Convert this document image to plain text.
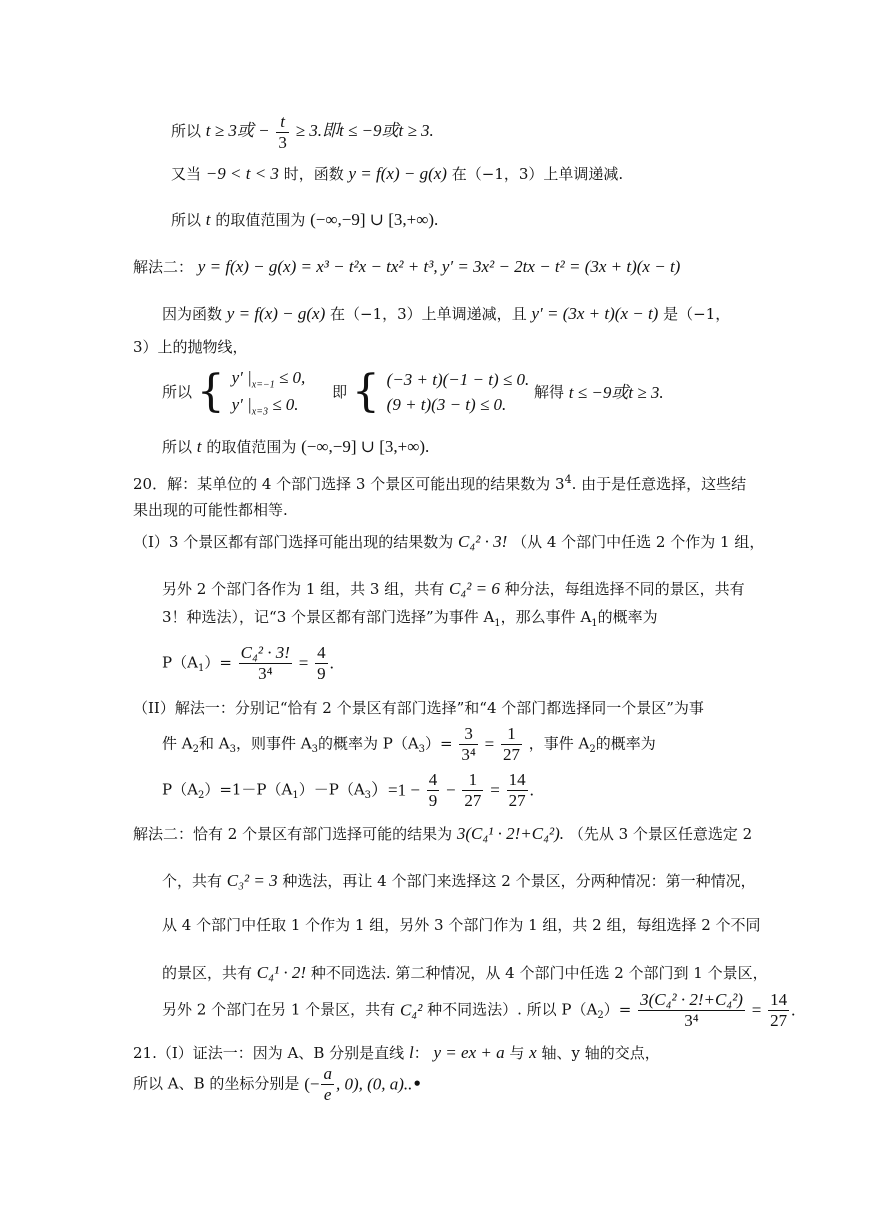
所以 t ≥ 3或 − $\frac{t}{3} \ge 3$.即t ≤ −9或t ≥ 3.
又当 −9 < t < 3 时，函数 y = f(x) − g(x) 在（−1，3）上单调递减.
所以 t 的取值范围为 (−∞,−9] ∪ [3,+∞).
解法二： y = f(x) − g(x) = x³ − t²x − tx² + t³, y′ = 3x² − 2tx − t² = (3x + t)(x − t)
因为函数 y = f(x) − g(x) 在（−1，3）上单调递减，且 y′ = (3x + t)(x − t) 是（−1，
3）上的抛物线，
所以 { y′ $|_{x=-1} \le 0$,
y′ $|_{x=3} \le 0$.
即 { (−3 + t)(−1 − t) ≤ 0.
(9 + t)(3 − t) ≤ 0.
解得 t ≤ −9或t ≥ 3.
所以 t 的取值范围为 (−∞,−9] ∪ [3,+∞).
20．解：某单位的 4 个部门选择 3 个景区可能出现的结果数为 $3^4$. 由于是任意选择，这些结
果出现的可能性都相等.
（I）3 个景区都有部门选择可能出现的结果数为 C₄² · 3! （从 4 个部门中任选 2 个作为 1 组，
另外 2 个部门各作为 1 组，共 3 组，共有 C₄² = 6 种分法，每组选择不同的景区，共有
3！种选法），记“3 个景区都有部门选择”为事件 $A_1$，那么事件 $A_1$的概率为
$P(A_1)= \frac{\text{C₄² · 3!}}{\text{3⁴}} = \frac{4}{9}$ .
（II）解法一：分别记“恰有 2 个景区有部门选择”和“4 个部门都选择同一个景区”为事
件 $A_2$和 $A_3$，则事件 $A_3$的概率为 $P(A_3)= \frac{3}{\text{3⁴}} = \frac{1}{27}$ ，事件 $A_2$的概率为
$P(A_2)=1-P(A_1)-P(A_3)=1 - \frac{4}{9} - \frac{1}{27} = \frac{14}{27}$ .
解法二：恰有 2 个景区有部门选择可能的结果为 3(C₄¹ · 2!+C₄²). （先从 3 个景区任意选定 2
个，共有 C₃² = 3 种选法，再让 4 个部门来选择这 2 个景区，分两种情况：第一种情况，
从 4 个部门中任取 1 个作为 1 组，另外 3 个部门作为 1 组，共 2 组，每组选择 2 个不同
的景区，共有 C₄¹ · 2! 种不同选法. 第二种情况，从 4 个部门中任选 2 个部门到 1 个景区，
另外 2 个部门在另 1 个景区，共有 C₄² 种不同选法）. 所以 $P(A_2)= \frac{\text{3(C₄² · 2!+C₄²)}}{\text{3⁴}} = \frac{14}{27}$ .
21.（Ⅰ）证法一：因为 A、B 分别是直线 l： y = ex + a 与 x 轴、y 轴的交点，
所以 A、B 的坐标分别是 (− $\frac{a}{e}$ , 0), (0, a)..•
